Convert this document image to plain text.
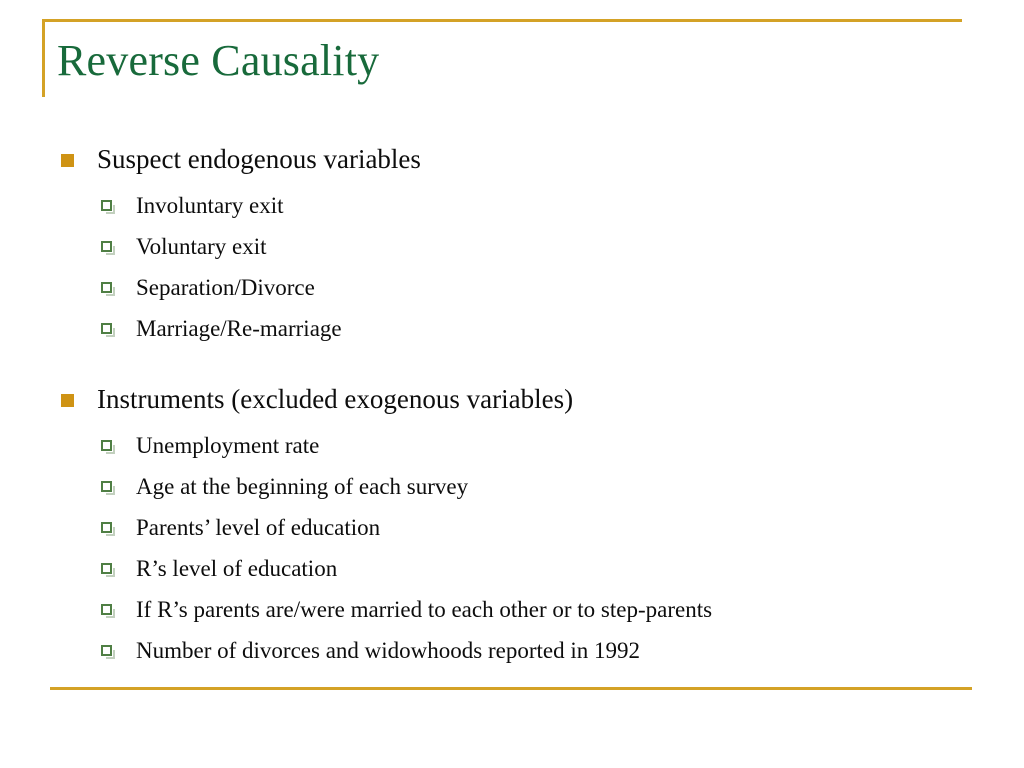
Reverse Causality
Suspect endogenous variables
Involuntary exit
Voluntary exit
Separation/Divorce
Marriage/Re-marriage
Instruments (excluded exogenous variables)
Unemployment rate
Age at the beginning of each survey
Parents’ level of education
R’s level of education
If R’s parents are/were married to each other or to step-parents
Number of divorces and widowhoods reported in 1992
